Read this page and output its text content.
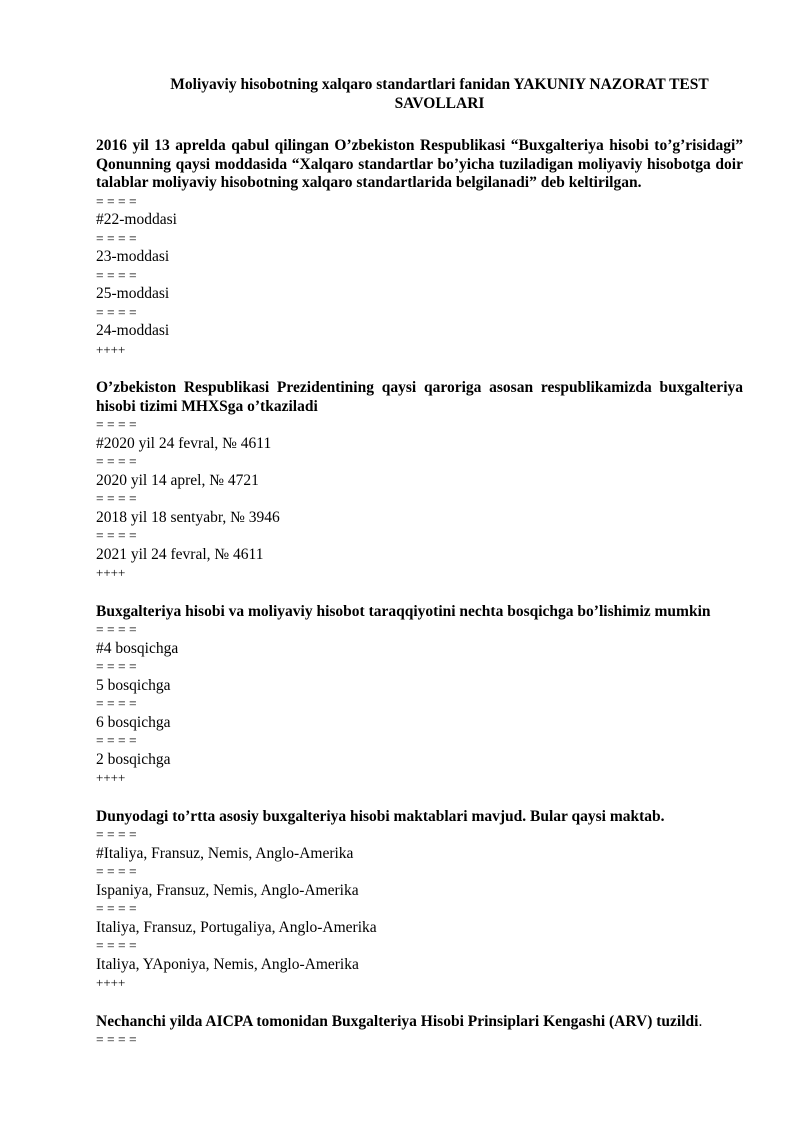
Moliyaviy hisobotning xalqaro standartlari fanidan YAKUNIY NAZORAT TEST SAVOLLARI

2016 yil 13 aprelda qabul qilingan O’zbekiston Respublikasi “Buxgalteriya hisobi to’g’risidagi” Qonunning qaysi moddasida “Xalqaro standartlar bo’yicha tuziladigan moliyaviy hisobotga doir talablar moliyaviy hisobotning xalqaro standartlarida belgilanadi” deb keltirilgan.

= = = =

#22-moddasi

= = = =

23-moddasi

= = = =

25-moddasi

= = = =

24-moddasi

++++

O’zbekiston Respublikasi Prezidentining qaysi qaroriga asosan respublikamizda buxgalteriya hisobi tizimi MHXSga o’tkaziladi

= = = =

#2020 yil 24 fevral, № 4611

= = = =

2020 yil 14 aprel, № 4721

= = = =

2018 yil 18 sentyabr, № 3946

= = = =

2021 yil 24 fevral, № 4611

++++

Buxgalteriya hisobi va moliyaviy hisobot taraqqiyotini nechta bosqichga bo’lishimiz mumkin

= = = =

#4 bosqichga

= = = =

5 bosqichga

= = = =

6 bosqichga

= = = =

2 bosqichga

++++

Dunyodagi to’rtta asosiy buxgalteriya hisobi maktablari mavjud. Bular qaysi maktab.

= = = =

#Italiya, Fransuz, Nemis, Anglo-Amerika

= = = =

Ispaniya, Fransuz, Nemis, Anglo-Amerika

= = = =

Italiya, Fransuz, Portugaliya, Anglo-Amerika

= = = =

Italiya, YAponiya, Nemis, Anglo-Amerika

++++

Nechanchi yilda AICPA tomonidan Buxgalteriya Hisobi Prinsiplari Kengashi (ARV) tuzildi.

= = = =
